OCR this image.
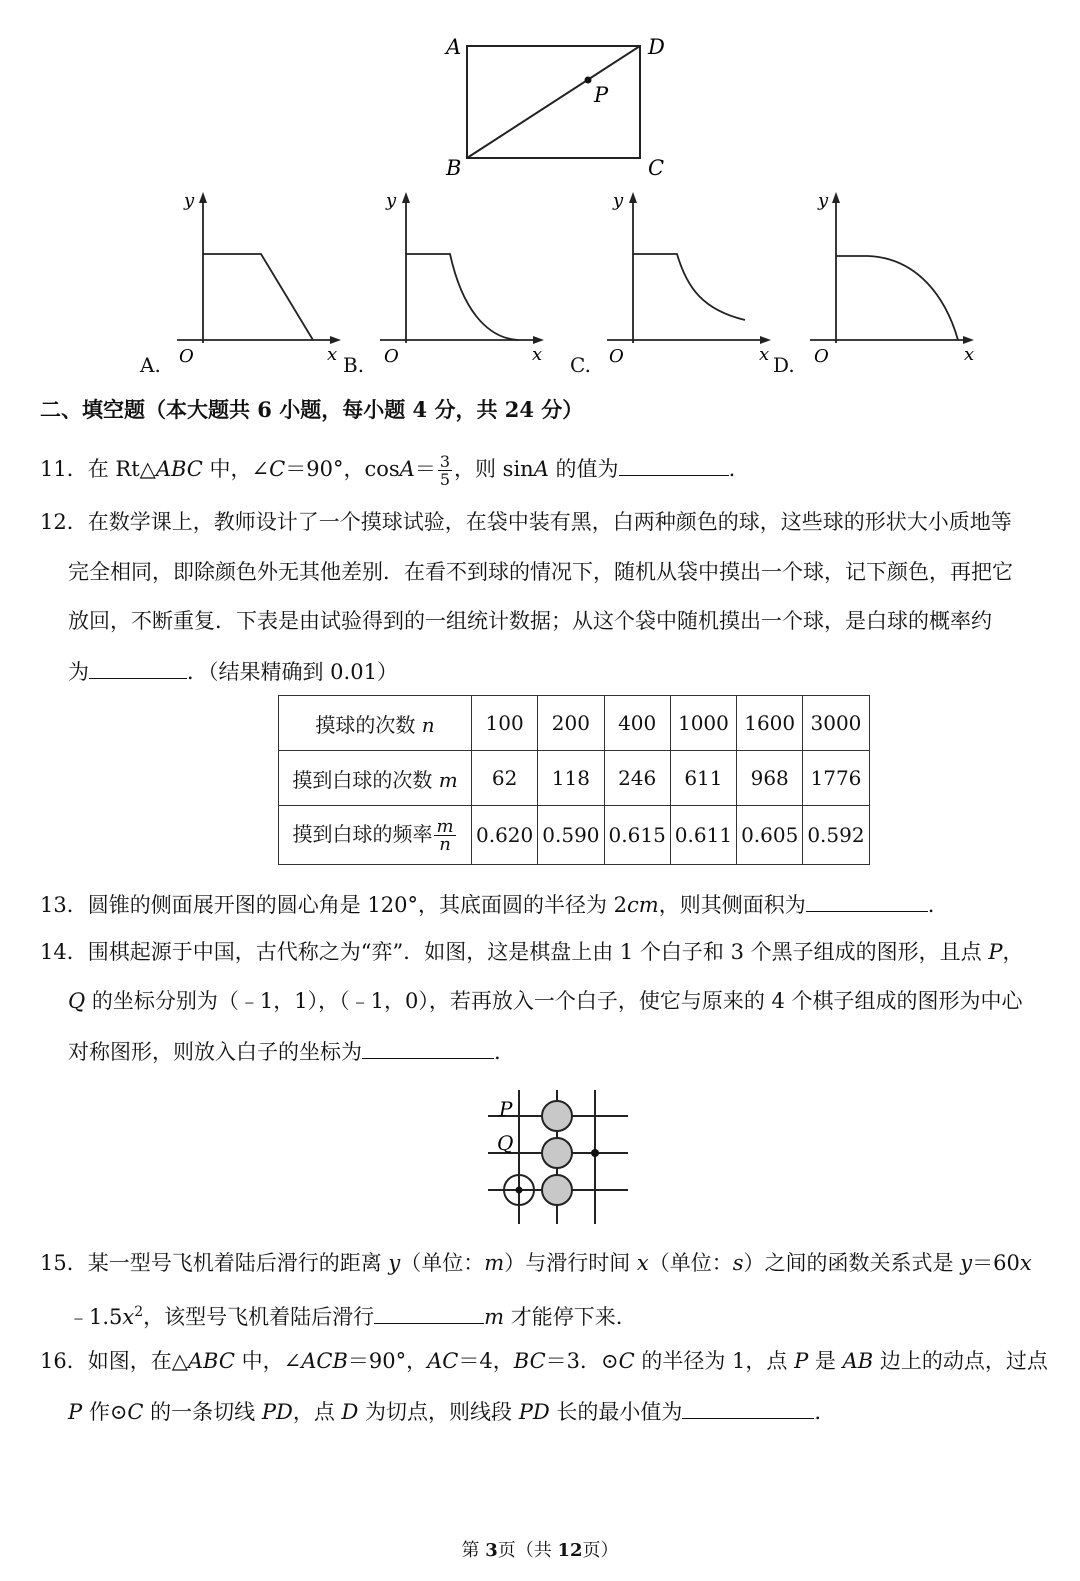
A	D
P
B	C
y
O	x
A.
y
O	x
B.
y
O	x
C.
y
O	x
D.
二、填空题（本大题共 6 小题，每小题 4 分，共 24 分）
11．在 Rt△ABC 中，∠C＝90°，$\cos A= \frac{3}{5}$ ，则 sinA 的值为	.
12．在数学课上，教师设计了一个摸球试验，在袋中装有黑，白两种颜色的球，这些球的形状大小质地等
完全相同，即除颜色外无其他差别．在看不到球的情况下，随机从袋中摸出一个球，记下颜色，再把它
放回，不断重复．下表是由试验得到的一组统计数据；从这个袋中随机摸出一个球，是白球的概率约
为	．（结果精确到 0.01）
摸球的次数 n	100	200	400	1000	1600	3000
摸到白球的次数 m	62	118	246	611	968	1776
摸到白球的频率 $\frac{m}{n}$	0.620	0.590	0.615	0.611	0.605	0.592
13．圆锥的侧面展开图的圆心角是 120°，其底面圆的半径为 2cm，则其侧面积为	.
14．围棋起源于中国，古代称之为“弈”．如图，这是棋盘上由 1 个白子和 3 个黑子组成的图形，且点 P，
Q 的坐标分别为（﹣1，1），（﹣1，0），若再放入一个白子，使它与原来的 4 个棋子组成的图形为中心
对称图形，则放入白子的坐标为	.
P
Q
15．某一型号飞机着陆后滑行的距离 y（单位：m）与滑行时间 x（单位：s）之间的函数关系式是 y＝60x
$﹣1.5x^2$，该型号飞机着陆后滑行	m 才能停下来.
16．如图，在△ABC 中，∠ACB＝90°，AC＝4，BC＝3．⊙C 的半径为 1，点 P 是 AB 边上的动点，过点
P 作⊙C 的一条切线 PD，点 D 为切点，则线段 PD 长的最小值为	.
第 3页（共 12页）
